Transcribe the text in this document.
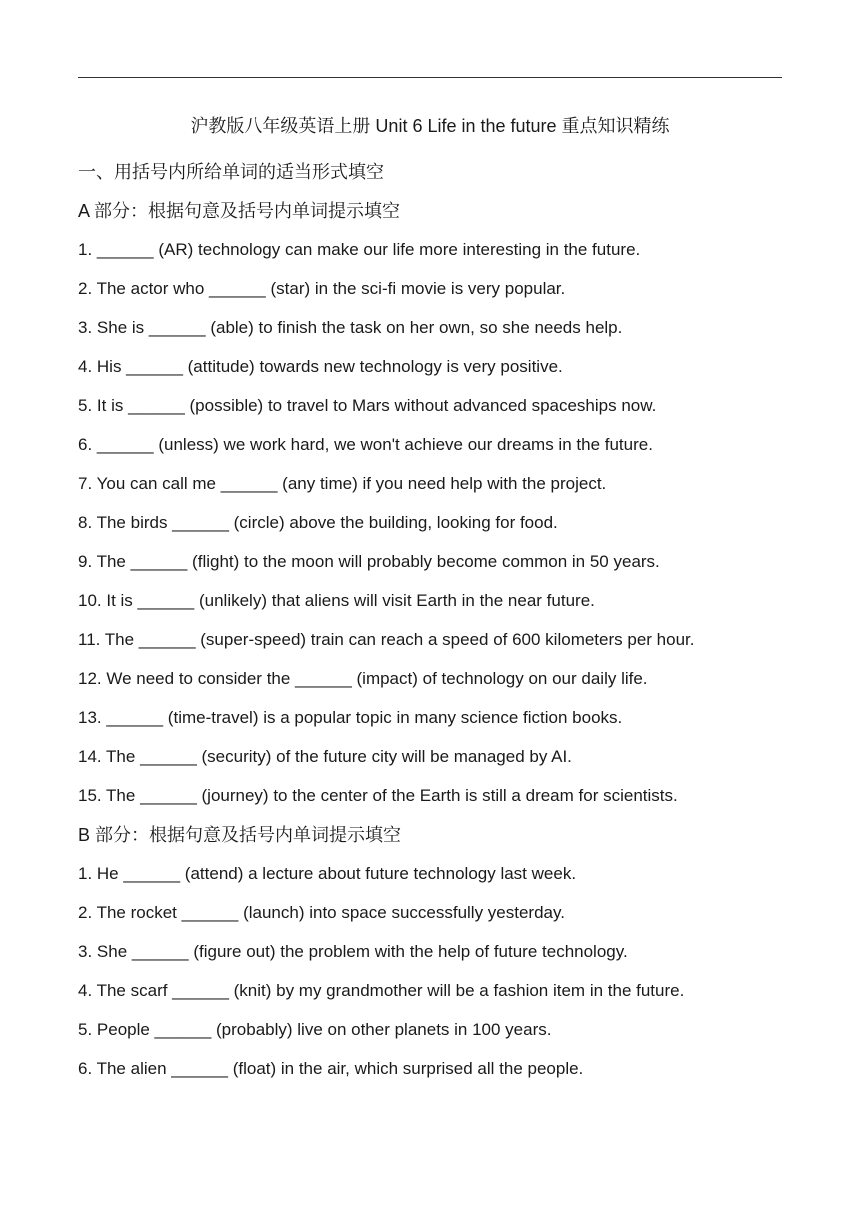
沪教版八年级英语上册 Unit 6 Life in the future 重点知识精练
一、用括号内所给单词的适当形式填空
A 部分：根据句意及括号内单词提示填空
1. ______ (AR) technology can make our life more interesting in the future.
2. The actor who ______ (star) in the sci-fi movie is very popular.
3. She is ______ (able) to finish the task on her own, so she needs help.
4. His ______ (attitude) towards new technology is very positive.
5. It is ______ (possible) to travel to Mars without advanced spaceships now.
6. ______ (unless) we work hard, we won't achieve our dreams in the future.
7. You can call me ______ (any time) if you need help with the project.
8. The birds ______ (circle) above the building, looking for food.
9. The ______ (flight) to the moon will probably become common in 50 years.
10. It is ______ (unlikely) that aliens will visit Earth in the near future.
11. The ______ (super-speed) train can reach a speed of 600 kilometers per hour.
12. We need to consider the ______ (impact) of technology on our daily life.
13. ______ (time-travel) is a popular topic in many science fiction books.
14. The ______ (security) of the future city will be managed by AI.
15. The ______ (journey) to the center of the Earth is still a dream for scientists.
B 部分：根据句意及括号内单词提示填空
1. He ______ (attend) a lecture about future technology last week.
2. The rocket ______ (launch) into space successfully yesterday.
3. She ______ (figure out) the problem with the help of future technology.
4. The scarf ______ (knit) by my grandmother will be a fashion item in the future.
5. People ______ (probably) live on other planets in 100 years.
6. The alien ______ (float) in the air, which surprised all the people.
